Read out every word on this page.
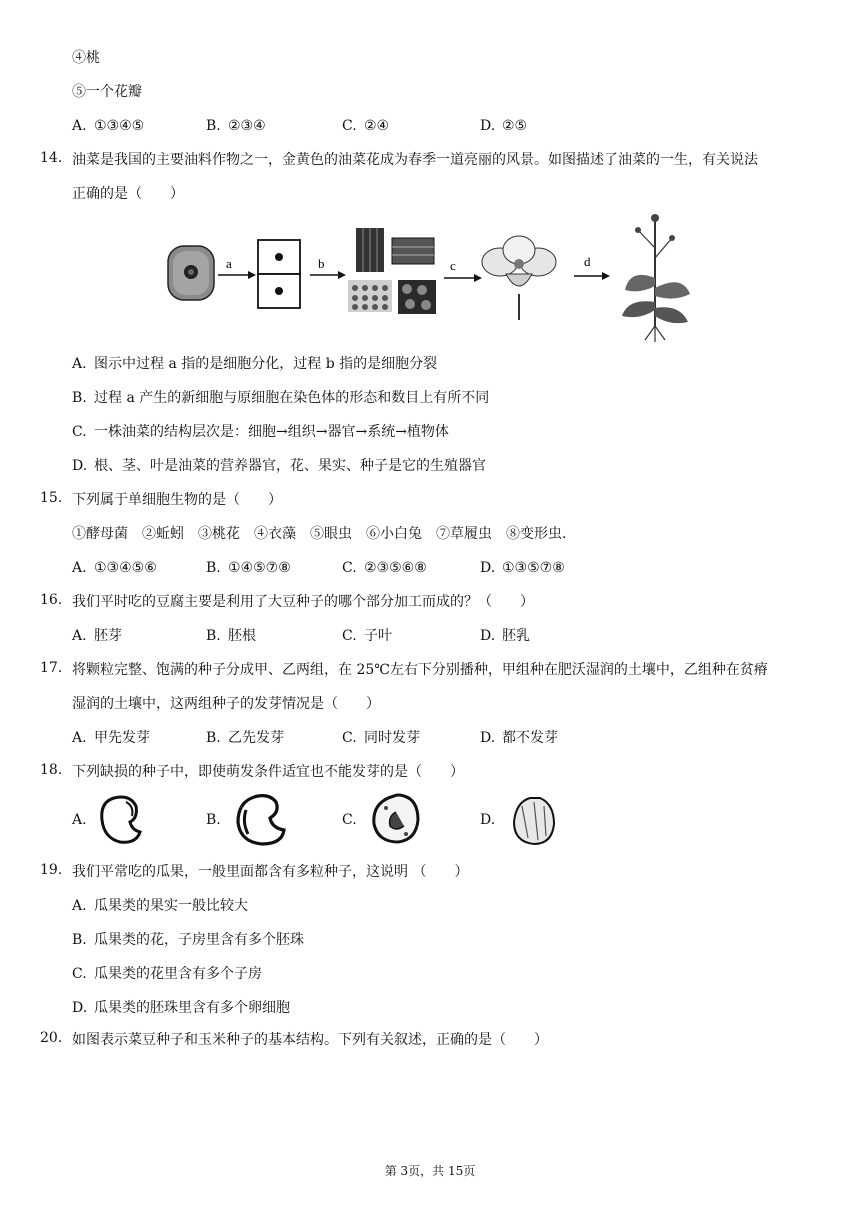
④桃
⑤一个花瓣
A. ①③④⑤	B. ②③④	C. ②④	D. ②⑤
14. 油菜是我国的主要油料作物之一，金黄色的油菜花成为春季一道亮丽的风景。如图描述了油菜的一生，有关说法
正确的是（　　）
a	b	c	d
A. 图示中过程 a 指的是细胞分化，过程 b 指的是细胞分裂
B. 过程 a 产生的新细胞与原细胞在染色体的形态和数目上有所不同
C. 一株油菜的结构层次是：细胞→组织→器官→系统→植物体
D. 根、茎、叶是油菜的营养器官，花、果实、种子是它的生殖器官
15. 下列属于单细胞生物的是（　　）
①酵母菌　②蚯蚓　③桃花　④衣藻　⑤眼虫　⑥小白兔　⑦草履虫　⑧变形虫.
A. ①③④⑤⑥	B. ①④⑤⑦⑧	C. ②③⑤⑥⑧	D. ①③⑤⑦⑧
16. 我们平时吃的豆腐主要是利用了大豆种子的哪个部分加工而成的？（　　）
A. 胚芽	B. 胚根	C. 子叶	D. 胚乳
17. 将颗粒完整、饱满的种子分成甲、乙两组，在 25℃左右下分别播种，甲组种在肥沃湿润的土壤中，乙组种在贫瘠
湿润的土壤中，这两组种子的发芽情况是（　　）
A. 甲先发芽	B. 乙先发芽	C. 同时发芽	D. 都不发芽
18. 下列缺损的种子中，即使萌发条件适宜也不能发芽的是（　　）
A.	B.	C.	D.
19. 我们平常吃的瓜果，一般里面都含有多粒种子，这说明 （　　）
A. 瓜果类的果实一般比较大
B. 瓜果类的花，子房里含有多个胚珠
C. 瓜果类的花里含有多个子房
D. 瓜果类的胚珠里含有多个卵细胞
20. 如图表示菜豆种子和玉米种子的基本结构。下列有关叙述，正确的是（　　）
第 3页，共 15页
